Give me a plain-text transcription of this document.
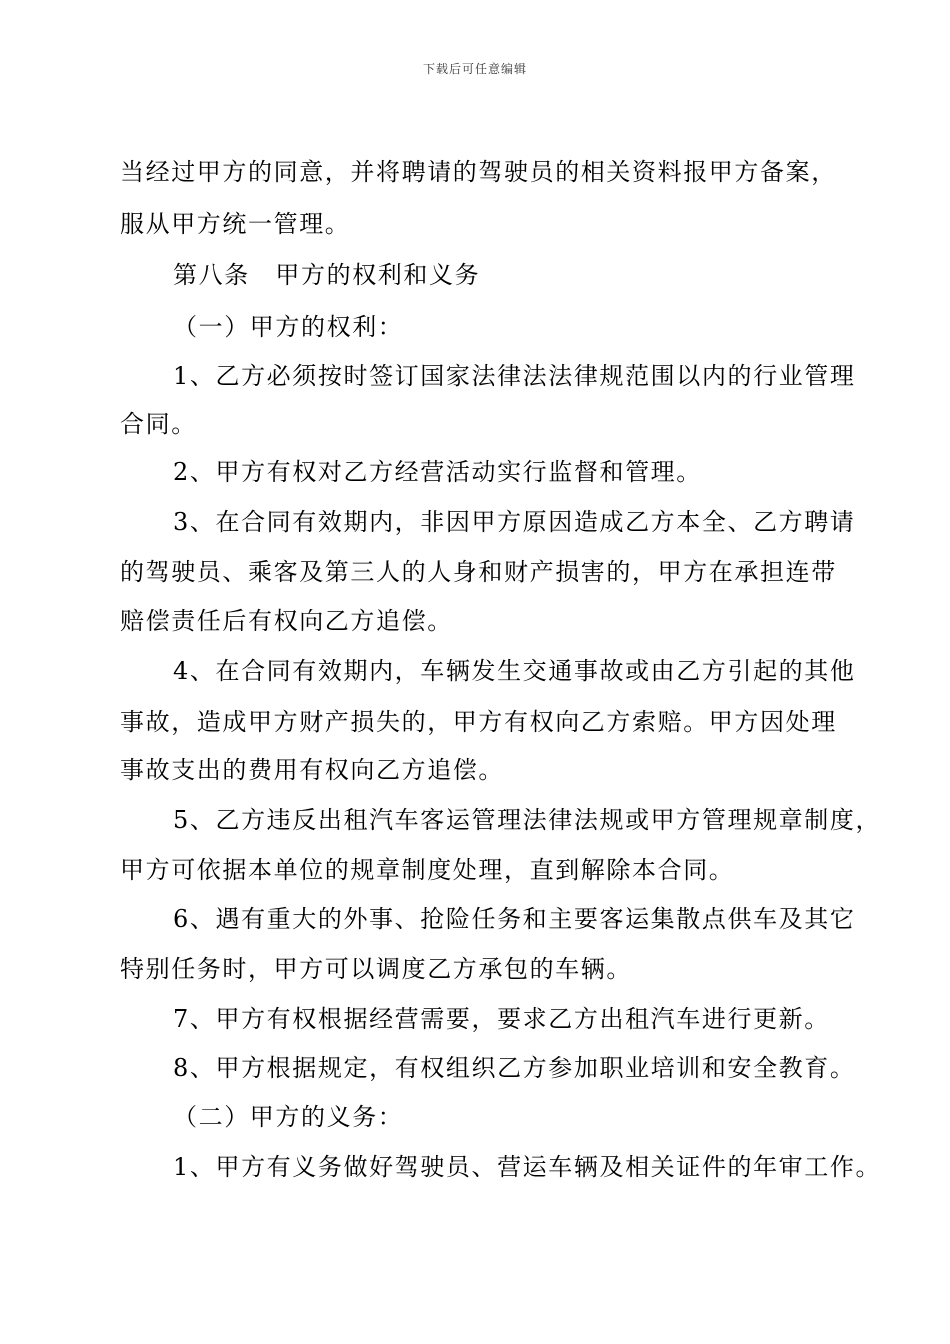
下载后可任意编辑
当经过甲方的同意，并将聘请的驾驶员的相关资料报甲方备案，
服从甲方统一管理。
第八条　甲方的权利和义务
（一）甲方的权利：
1、乙方必须按时签订国家法律法法律规范围以内的行业管理
合同。
2、甲方有权对乙方经营活动实行监督和管理。
3、在合同有效期内，非因甲方原因造成乙方本全、乙方聘请
的驾驶员、乘客及第三人的人身和财产损害的，甲方在承担连带
赔偿责任后有权向乙方追偿。
4、在合同有效期内，车辆发生交通事故或由乙方引起的其他
事故，造成甲方财产损失的，甲方有权向乙方索赔。甲方因处理
事故支出的费用有权向乙方追偿。
5、乙方违反出租汽车客运管理法律法规或甲方管理规章制度，
甲方可依据本单位的规章制度处理，直到解除本合同。
6、遇有重大的外事、抢险任务和主要客运集散点供车及其它
特别任务时，甲方可以调度乙方承包的车辆。
7、甲方有权根据经营需要，要求乙方出租汽车进行更新。
8、甲方根据规定，有权组织乙方参加职业培训和安全教育。
（二）甲方的义务：
1、甲方有义务做好驾驶员、营运车辆及相关证件的年审工作。
